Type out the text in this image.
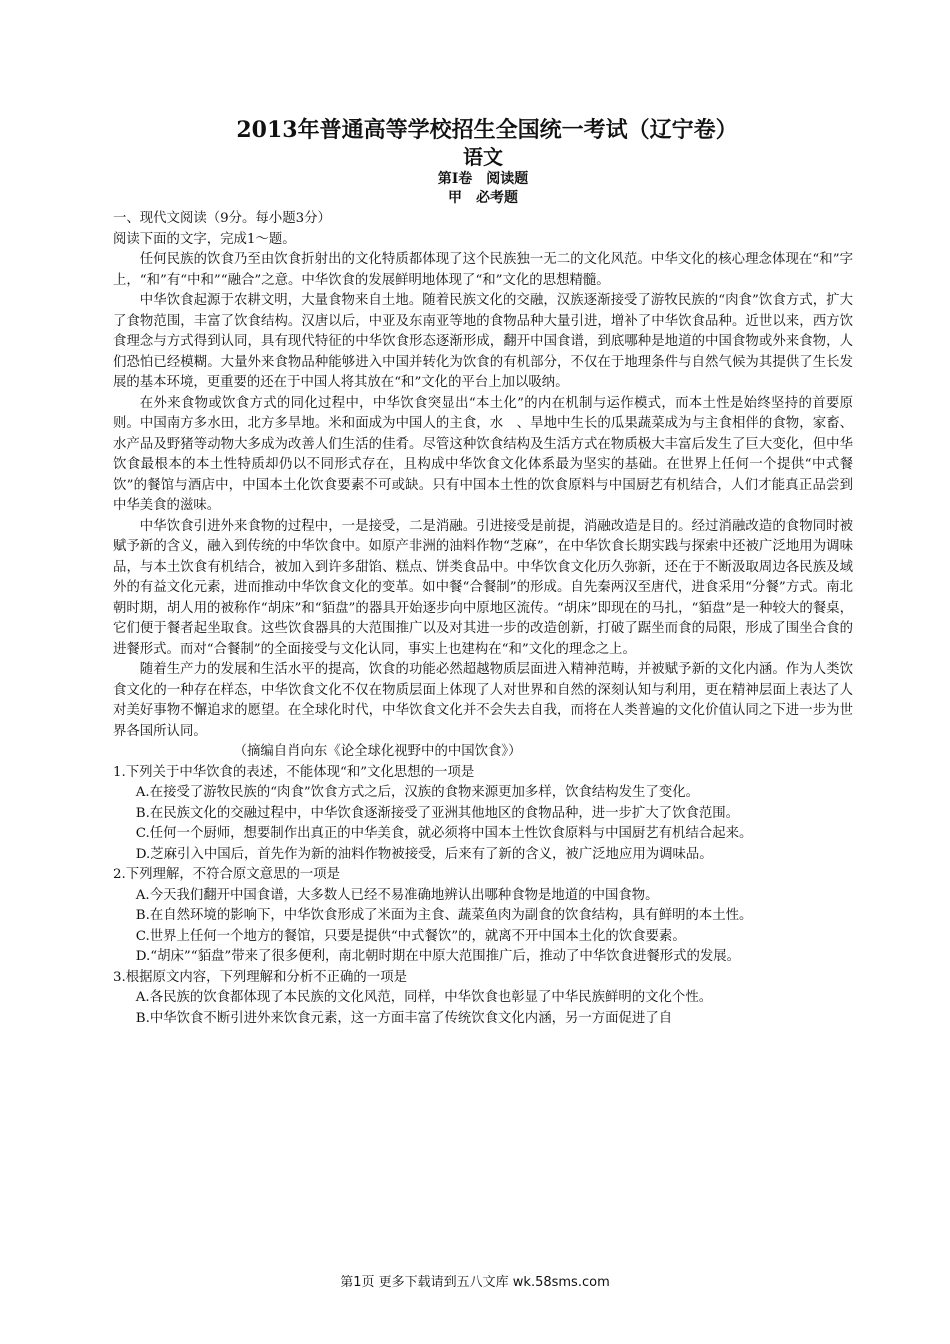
2013年普通高等学校招生全国统一考试（辽宁卷）

语文

第Ⅰ卷　阅读题

甲　必考题

一、现代文阅读（9分。每小题3分）

阅读下面的文字，完成1～题。

任何民族的饮食乃至由饮食折射出的文化特质都体现了这个民族独一无二的文化风范。中华文化的核心理念体现在“和”字上，“和”有“中和”“融合”之意。中华饮食的发展鲜明地体现了“和”文化的思想精髓。

中华饮食起源于农耕文明，大量食物来自土地。随着民族文化的交融，汉族逐渐接受了游牧民族的“肉食”饮食方式，扩大了食物范围，丰富了饮食结构。汉唐以后，中亚及东南亚等地的食物品种大量引进，增补了中华饮食品种。近世以来，西方饮食理念与方式得到认同，具有现代特征的中华饮食形态逐渐形成，翻开中国食谱，到底哪种是地道的中国食物或外来食物，人们恐怕已经模糊。大量外来食物品种能够进入中国并转化为饮食的有机部分，不仅在于地理条件与自然气候为其提供了生长发展的基本环境，更重要的还在于中国人将其放在“和”文化的平台上加以吸纳。

在外来食物或饮食方式的同化过程中，中华饮食突显出“本土化”的内在机制与运作模式，而本土性是始终坚持的首要原则。中国南方多水田，北方多旱地。米和面成为中国人的主食，水　、旱地中生长的瓜果蔬菜成为与主食相伴的食物，家畜、水产品及野猪等动物大多成为改善人们生活的佳肴。尽管这种饮食结构及生活方式在物质极大丰富后发生了巨大变化，但中华饮食最根本的本土性特质却仍以不同形式存在，且构成中华饮食文化体系最为坚实的基础。在世界上任何一个提供“中式餐饮”的餐馆与酒店中，中国本土化饮食要素不可或缺。只有中国本土性的饮食原料与中国厨艺有机结合，人们才能真正品尝到中华美食的滋味。

中华饮食引进外来食物的过程中，一是接受，二是消融。引进接受是前提，消融改造是目的。经过消融改造的食物同时被赋予新的含义，融入到传统的中华饮食中。如原产非洲的油料作物“芝麻”，在中华饮食长期实践与探索中还被广泛地用为调味品，与本土饮食有机结合，被加入到许多甜馅、糕点、饼类食品中。中华饮食文化历久弥新，还在于不断汲取周边各民族及域外的有益文化元素，进而推动中华饮食文化的变革。如中餐“合餐制”的形成。自先秦两汉至唐代，进食采用“分餐”方式。南北朝时期，胡人用的被称作“胡床”和“貊盘”的器具开始逐步向中原地区流传。“胡床”即现在的马扎，“貊盘”是一种较大的餐桌，它们便于餐者起坐取食。这些饮食器具的大范围推广以及对其进一步的改造创新，打破了踞坐而食的局限，形成了围坐合食的进餐形式。而对“合餐制”的全面接受与文化认同，事实上也建构在“和”文化的理念之上。

随着生产力的发展和生活水平的提高，饮食的功能必然超越物质层面进入精神范畴，并被赋予新的文化内涵。作为人类饮食文化的一种存在样态，中华饮食文化不仅在物质层面上体现了人对世界和自然的深刻认知与利用，更在精神层面上表达了人对美好事物不懈追求的愿望。在全球化时代，中华饮食文化并不会失去自我，而将在人类普遍的文化价值认同之下进一步为世界各国所认同。

（摘编自肖向东《论全球化视野中的中国饮食》）

1.下列关于中华饮食的表述，不能体现“和”文化思想的一项是

A.在接受了游牧民族的“肉食”饮食方式之后，汉族的食物来源更加多样，饮食结构发生了变化。

B.在民族文化的交融过程中，中华饮食逐渐接受了亚洲其他地区的食物品种，进一步扩大了饮食范围。

C.任何一个厨师，想要制作出真正的中华美食，就必须将中国本土性饮食原料与中国厨艺有机结合起来。

D.芝麻引入中国后，首先作为新的油料作物被接受，后来有了新的含义，被广泛地应用为调味品。

2.下列理解，不符合原文意思的一项是

A.今天我们翻开中国食谱，大多数人已经不易准确地辨认出哪种食物是地道的中国食物。

B.在自然环境的影响下，中华饮食形成了米面为主食、蔬菜鱼肉为副食的饮食结构，具有鲜明的本土性。

C.世界上任何一个地方的餐馆，只要是提供“中式餐饮”的，就离不开中国本土化的饮食要素。

D.“胡床”“貊盘”带来了很多便利，南北朝时期在中原大范围推广后，推动了中华饮食进餐形式的发展。

3.根据原文内容，下列理解和分析不正确的一项是

A.各民族的饮食都体现了本民族的文化风范，同样，中华饮食也彰显了中华民族鲜明的文化个性。

B.中华饮食不断引进外来饮食元素，这一方面丰富了传统饮食文化内涵，另一方面促进了自

第1页 更多下载请到五八文库 wk.58sms.com
